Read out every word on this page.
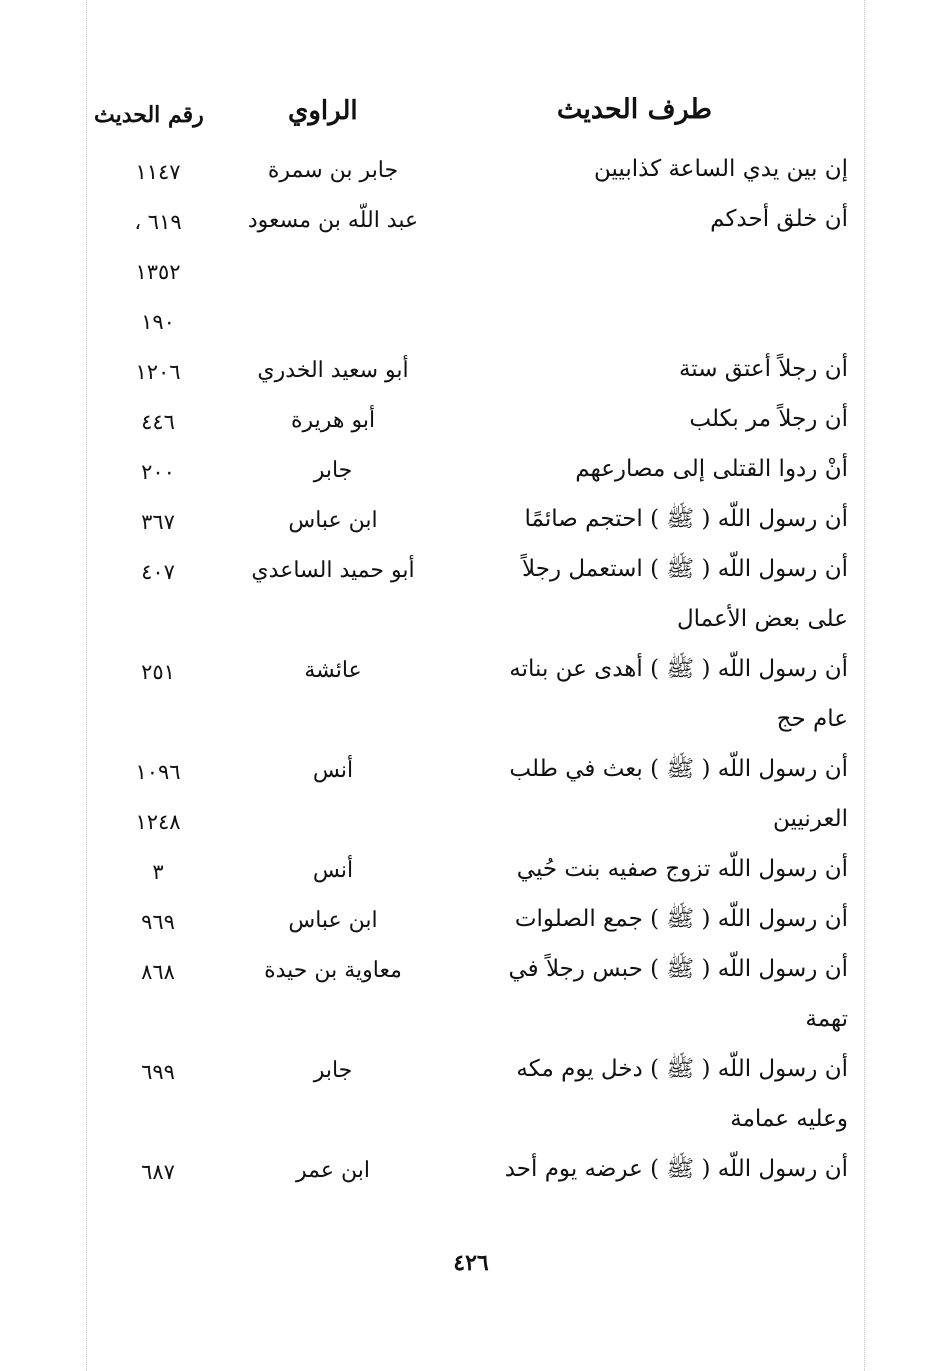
طرف الحديث
الراوي
رقم الحديث
إن بين يدي الساعة كذابيين
جابر بن سمرة
١١٤٧
أن خلق أحدكم
عبد اللّه بن مسعود
٦١٩ ،
١٣٥٢
١٩٠
أن رجلاً أعتق ستة
أبو سعيد الخدري
١٢٠٦
أن رجلاً مر بكلب
أبو هريرة
٤٤٦
أنْ ردوا القتلى إلى مصارعهم
جابر
٢٠٠
أن رسول اللّه ( ﷺ ) احتجم صائمًا
ابن عباس
٣٦٧
أن رسول اللّه ( ﷺ ) استعمل رجلاً
أبو حميد الساعدي
٤٠٧
على بعض الأعمال
أن رسول اللّه ( ﷺ ) أهدى عن بناته
عائشة
٢٥١
عام حج
أن رسول اللّه ( ﷺ ) بعث في طلب
أنس
١٠٩٦
العرنيين
١٢٤٨
أن رسول اللّه تزوج صفيه بنت حُيي
أنس
٣
أن رسول اللّه ( ﷺ ) جمع الصلوات
ابن عباس
٩٦٩
أن رسول اللّه ( ﷺ ) حبس رجلاً في
معاوية بن حيدة
٨٦٨
تهمة
أن رسول اللّه ( ﷺ ) دخل يوم مكه
جابر
٦٩٩
وعليه عمامة
أن رسول اللّه ( ﷺ ) عرضه يوم أحد
ابن عمر
٦٨٧
٤٢٦
